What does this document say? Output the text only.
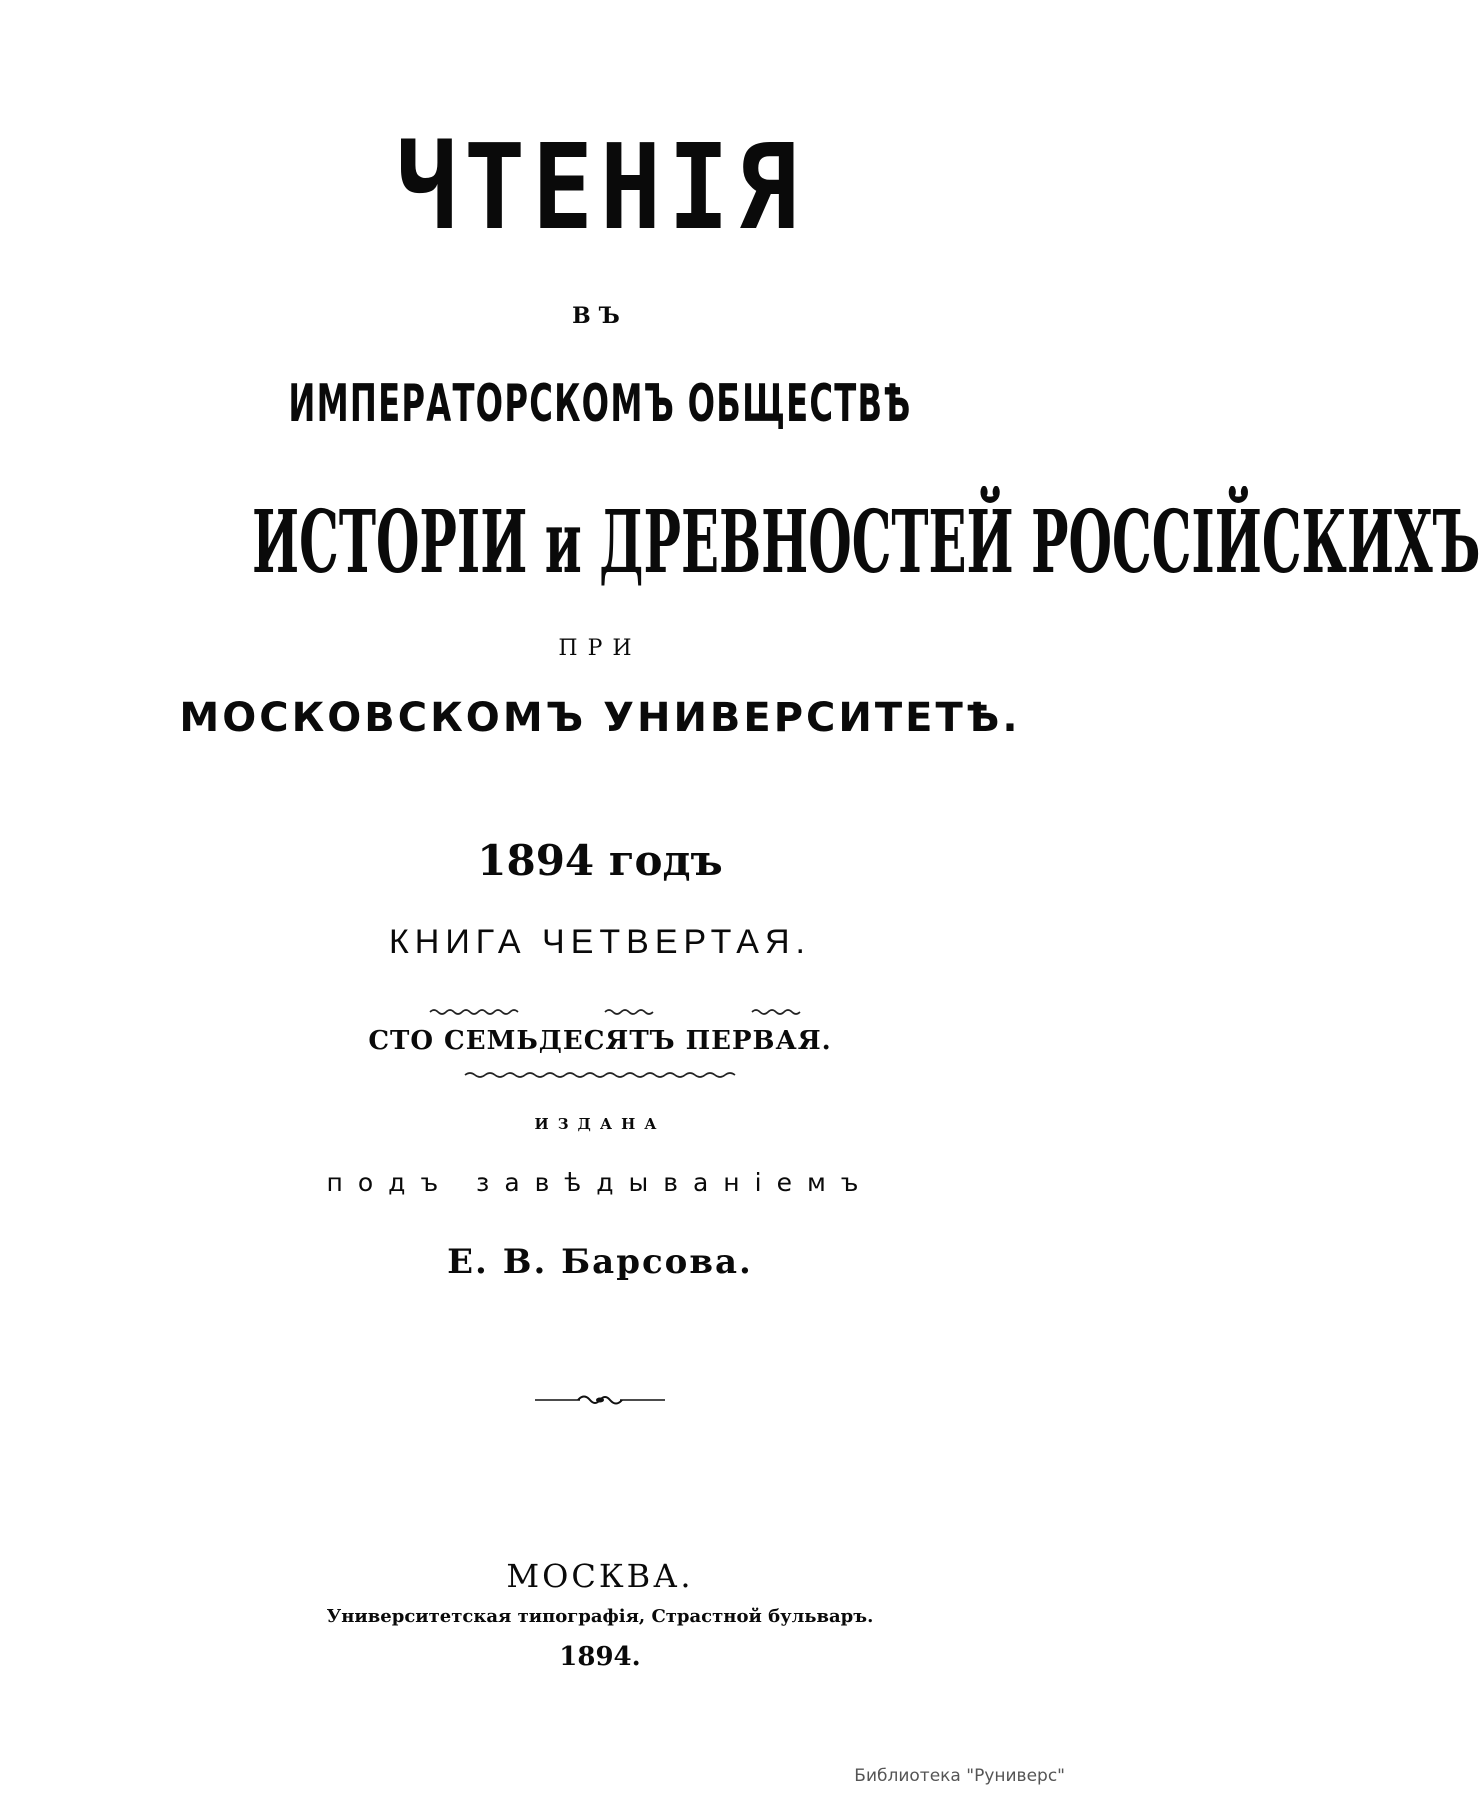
ЧТЕНІЯ
ВЪ
ИМПЕРАТОРСКОМЪ ОБЩЕСТВѢ
ИСТОРІИ и ДРЕВНОСТЕЙ РОССІЙСКИХЪ
ПРИ
МОСКОВСКОМЪ УНИВЕРСИТЕТѢ.
1894 годъ
КНИГА ЧЕТВЕРТАЯ.
СТО СЕМЬДЕСЯТЪ ПЕРВАЯ.
ИЗДАНА
подъ завѣдываніемъ
Е. В. Барсова.
МОСКВА.
Университетская типографія, Страстной бульваръ.
1894.
Библиотека "Руниверс"
